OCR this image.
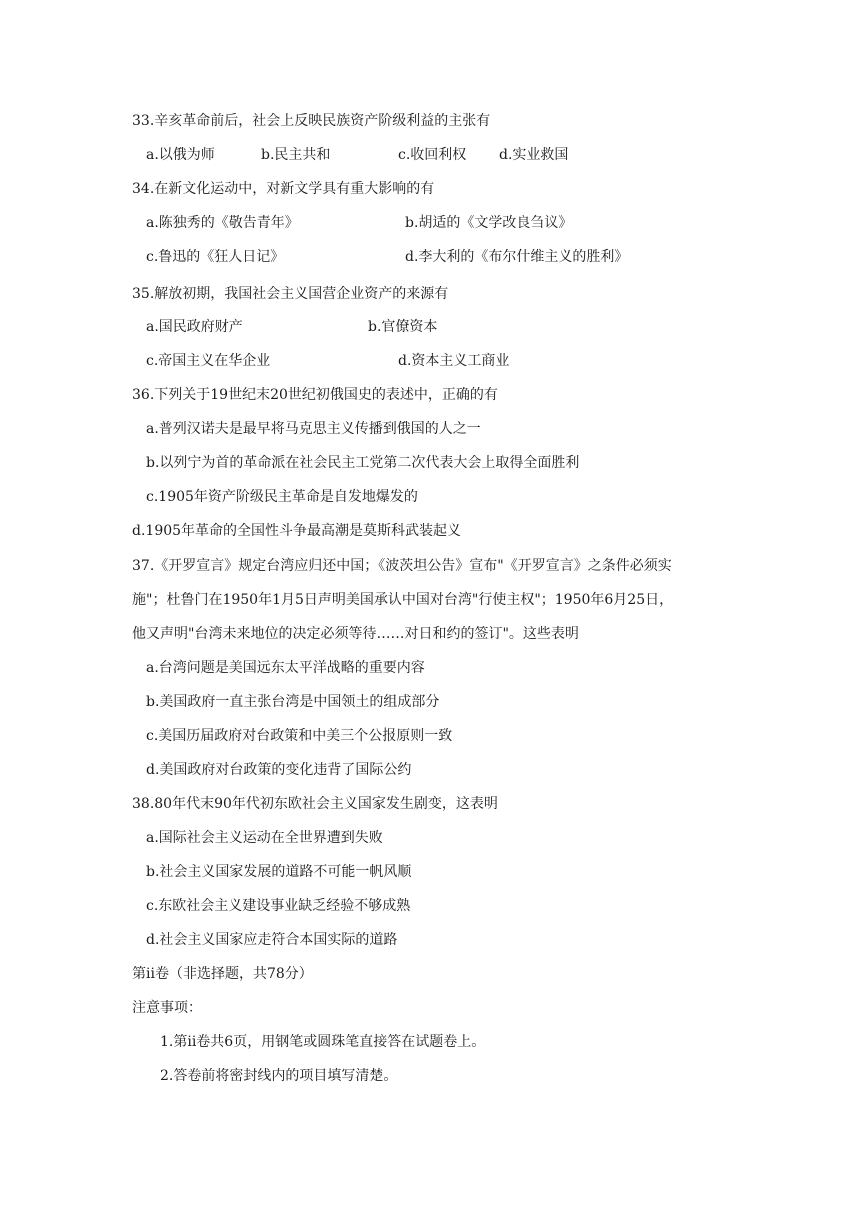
33.辛亥革命前后，社会上反映民族资产阶级利益的主张有
a.以俄为师	b.民主共和	c.收回利权 d.实业救国
34.在新文化运动中，对新文学具有重大影响的有
a.陈独秀的《敬告青年》	b.胡适的《文学改良刍议》
c.鲁迅的《狂人日记》	d.李大利的《布尔什维主义的胜利》
35.解放初期，我国社会主义国营企业资产的来源有
a.国民政府财产	b.官僚资本
c.帝国主义在华企业	d.资本主义工商业
36.下列关于19世纪末20世纪初俄国史的表述中，正确的有
a.普列汉诺夫是最早将马克思主义传播到俄国的人之一
b.以列宁为首的革命派在社会民主工党第二次代表大会上取得全面胜利
c.1905年资产阶级民主革命是自发地爆发的
d.1905年革命的全国性斗争最高潮是莫斯科武装起义
37.《开罗宣言》规定台湾应归还中国；《波茨坦公告》宣布"《开罗宣言》之条件必须实
施"；杜鲁门在1950年1月5日声明美国承认中国对台湾"行使主权"；1950年6月25日，
他又声明"台湾未来地位的决定必须等待……对日和约的签订"。这些表明
a.台湾问题是美国远东太平洋战略的重要内容
b.美国政府一直主张台湾是中国领土的组成部分
c.美国历届政府对台政策和中美三个公报原则一致
d.美国政府对台政策的变化违背了国际公约
38.80年代末90年代初东欧社会主义国家发生剧变，这表明
a.国际社会主义运动在全世界遭到失败
b.社会主义国家发展的道路不可能一帆风顺
c.东欧社会主义建设事业缺乏经验不够成熟
d.社会主义国家应走符合本国实际的道路
第ii卷（非选择题，共78分）
注意事项：
1.第ii卷共6页，用钢笔或圆珠笔直接答在试题卷上。
2.答卷前将密封线内的项目填写清楚。
